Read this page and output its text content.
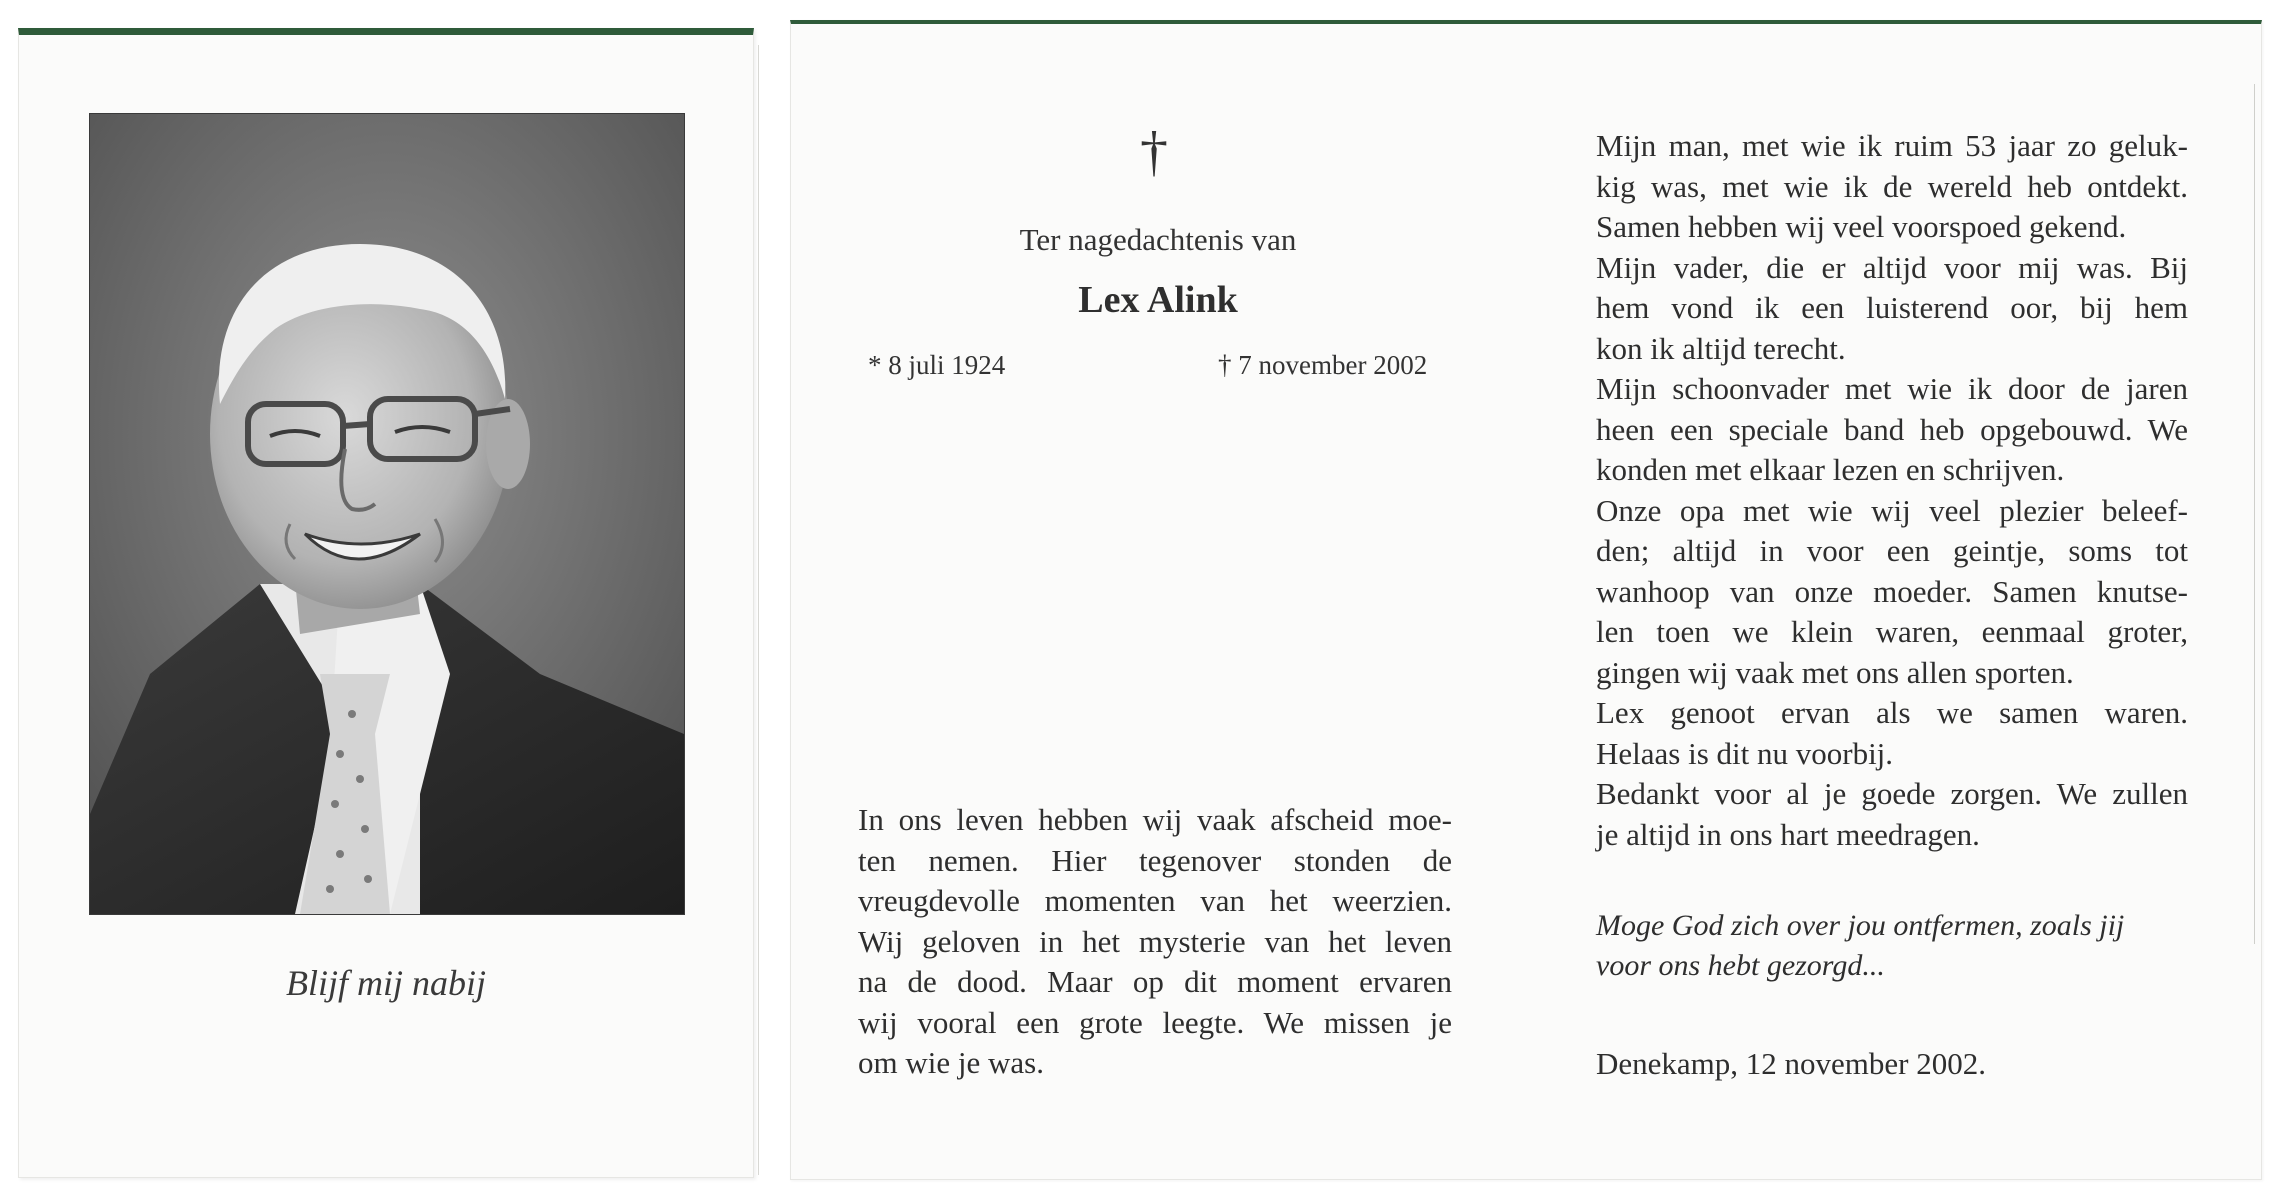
Blijf mij nabij
†
Ter nagedachtenis van
Lex Alink
* 8 juli 1924	† 7 november 2002
In ons leven hebben wij vaak afscheid moe-
ten nemen. Hier tegenover stonden de
vreugdevolle momenten van het weerzien.
Wij geloven in het mysterie van het leven
na de dood. Maar op dit moment ervaren
wij vooral een grote leegte. We missen je
om wie je was.
Mijn man, met wie ik ruim 53 jaar zo geluk-
kig was, met wie ik de wereld heb ontdekt.
Samen hebben wij veel voorspoed gekend.
Mijn vader, die er altijd voor mij was. Bij
hem vond ik een luisterend oor, bij hem
kon ik altijd terecht.
Mijn schoonvader met wie ik door de jaren
heen een speciale band heb opgebouwd. We
konden met elkaar lezen en schrijven.
Onze opa met wie wij veel plezier beleef-
den; altijd in voor een geintje, soms tot
wanhoop van onze moeder. Samen knutse-
len toen we klein waren, eenmaal groter,
gingen wij vaak met ons allen sporten.
Lex genoot ervan als we samen waren.
Helaas is dit nu voorbij.
Bedankt voor al je goede zorgen. We zullen
je altijd in ons hart meedragen.
Moge God zich over jou ontfermen, zoals jij
voor ons hebt gezorgd...
Denekamp, 12 november 2002.
